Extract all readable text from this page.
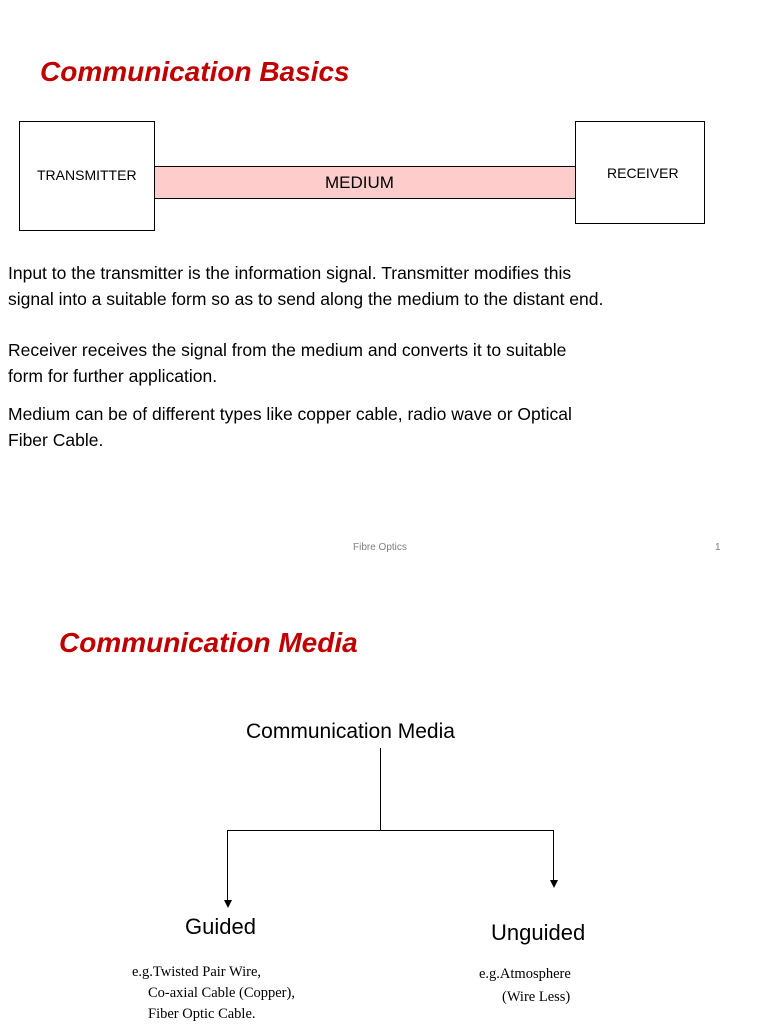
Communication Basics
MEDIUM
TRANSMITTER	RECEIVER
Input to the transmitter is the information signal. Transmitter modifies this
signal into a suitable form so as to send along the medium to the distant end.
Receiver receives the signal from the medium and converts it to suitable
form for further application.
Medium can be of different types like copper cable, radio wave or Optical
Fiber Cable.
Fibre Optics	1
Communication Media
Communication Media
Guided	Unguided
e.g.Twisted Pair Wire,
Co-axial Cable (Copper),
Fiber Optic Cable.
e.g.Atmosphere
(Wire Less)
